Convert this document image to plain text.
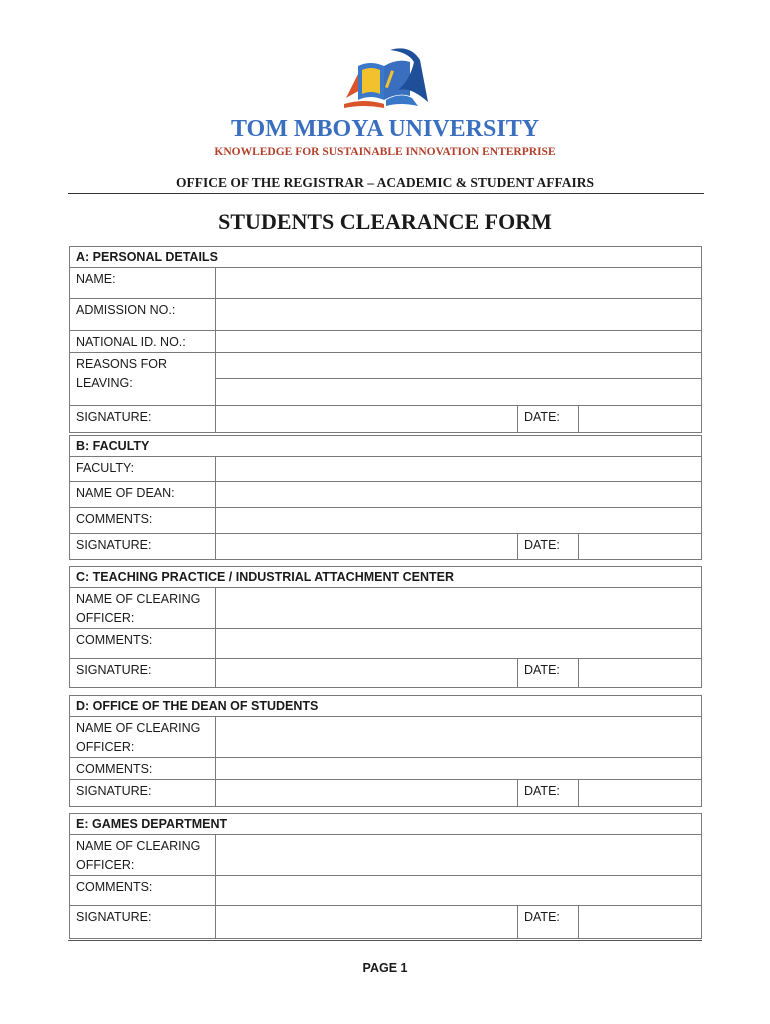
TOM MBOYA UNIVERSITY
KNOWLEDGE FOR SUSTAINABLE INNOVATION ENTERPRISE
OFFICE OF THE REGISTRAR – ACADEMIC & STUDENT AFFAIRS
STUDENTS CLEARANCE FORM
A: PERSONAL DETAILS			
NAME:			
ADMISSION NO.:			
NATIONAL ID. NO.:			

REASONS FOR
LEAVING:			

SIGNATURE:		DATE:	
B: FACULTY			
FACULTY:			
NAME OF DEAN:			
COMMENTS:			
SIGNATURE:		DATE:	
C: TEACHING PRACTICE / INDUSTRIAL ATTACHMENT CENTER			

NAME OF CLEARING
OFFICER:			

COMMENTS:			
SIGNATURE:		DATE:	
D: OFFICE OF THE DEAN OF STUDENTS			

NAME OF CLEARING
OFFICER:			

COMMENTS:			
SIGNATURE:		DATE:	
E: GAMES DEPARTMENT			

NAME OF CLEARING
OFFICER:			

COMMENTS:			
SIGNATURE:		DATE:	
PAGE 1
